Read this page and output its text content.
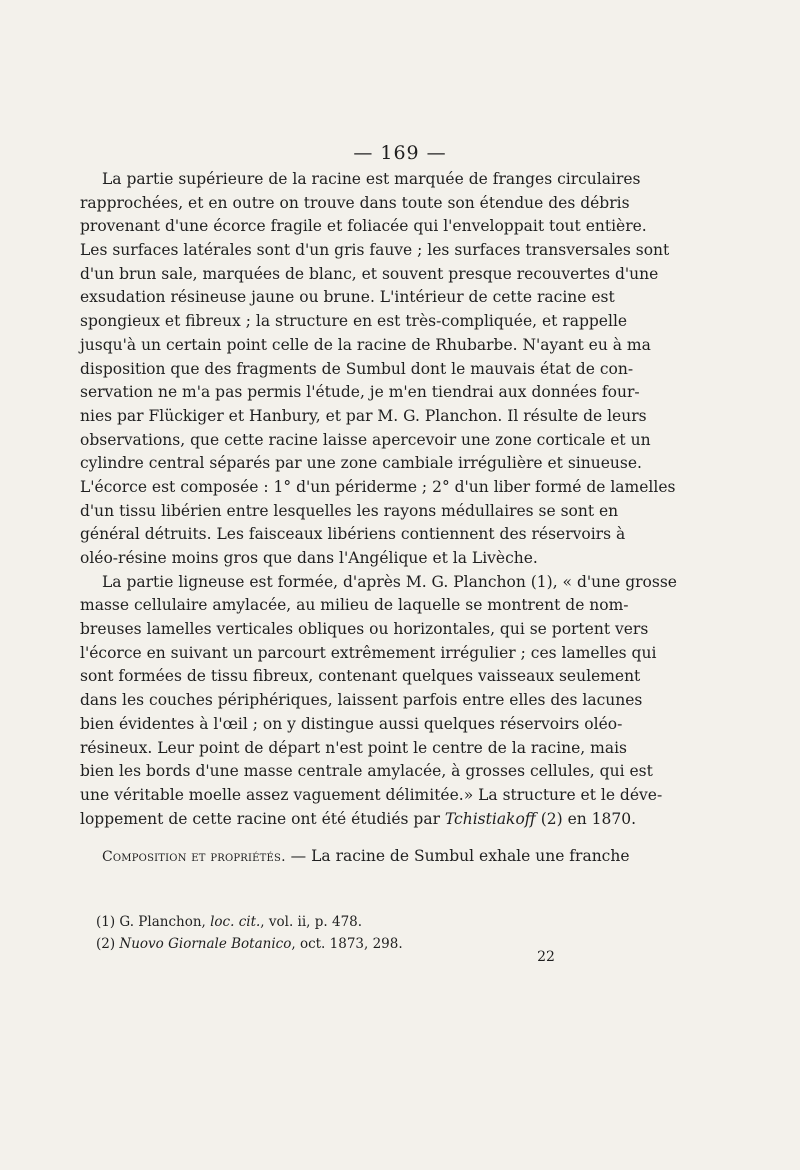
— 169 —
La partie supérieure de la racine est marquée de franges circulaires
rapprochées, et en outre on trouve dans toute son étendue des débris
provenant d'une écorce fragile et foliacée qui l'enveloppait tout entière.
Les surfaces latérales sont d'un gris fauve ; les surfaces transversales sont
d'un brun sale, marquées de blanc, et souvent presque recouvertes d'une
exsudation résineuse jaune ou brune. L'intérieur de cette racine est
spongieux et fibreux ; la structure en est très-compliquée, et rappelle
jusqu'à un certain point celle de la racine de Rhubarbe. N'ayant eu à ma
disposition que des fragments de Sumbul dont le mauvais état de con-
servation ne m'a pas permis l'étude, je m'en tiendrai aux données four-
nies par Flückiger et Hanbury, et par M. G. Planchon. Il résulte de leurs
observations, que cette racine laisse apercevoir une zone corticale et un
cylindre central séparés par une zone cambiale irrégulière et sinueuse.
L'écorce est composée : 1° d'un périderme ; 2° d'un liber formé de lamelles
d'un tissu libérien entre lesquelles les rayons médullaires se sont en
général détruits. Les faisceaux libériens contiennent des réservoirs à
oléo-résine moins gros que dans l'Angélique et la Livèche.
La partie ligneuse est formée, d'après M. G. Planchon (1), « d'une grosse
masse cellulaire amylacée, au milieu de laquelle se montrent de nom-
breuses lamelles verticales obliques ou horizontales, qui se portent vers
l'écorce en suivant un parcourt extrêmement irrégulier ; ces lamelles qui
sont formées de tissu fibreux, contenant quelques vaisseaux seulement
dans les couches périphériques, laissent parfois entre elles des lacunes
bien évidentes à l'œil ; on y distingue aussi quelques réservoirs oléo-
résineux. Leur point de départ n'est point le centre de la racine, mais
bien les bords d'une masse centrale amylacée, à grosses cellules, qui est
une véritable moelle assez vaguement délimitée.» La structure et le déve-
loppement de cette racine ont été étudiés par Tchistiakoff (2) en 1870.
Composition et propriétés. — La racine de Sumbul exhale une franche
(1) G. Planchon, loc. cit., vol. ii, p. 478.
(2) Nuovo Giornale Botanico, oct. 1873, 298.
22
